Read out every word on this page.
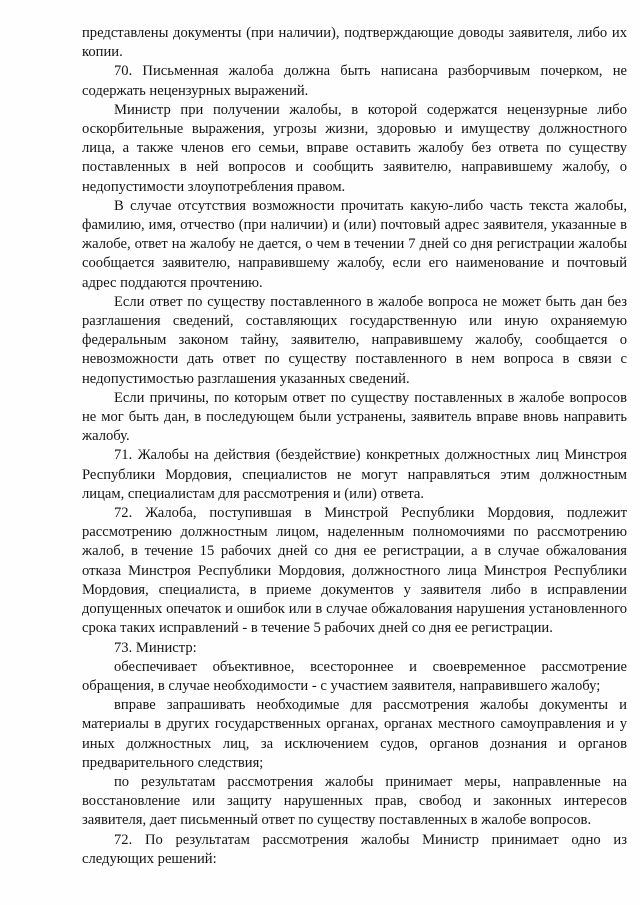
представлены документы (при наличии), подтверждающие доводы заявителя, либо их копии.

70. Письменная жалоба должна быть написана разборчивым почерком, не содержать нецензурных выражений.

Министр при получении жалобы, в которой содержатся нецензурные либо оскорбительные выражения, угрозы жизни, здоровью и имуществу должностного лица, а также членов его семьи, вправе оставить жалобу без ответа по существу поставленных в ней вопросов и сообщить заявителю, направившему жалобу, о недопустимости злоупотребления правом.

В случае отсутствия возможности прочитать какую-либо часть текста жалобы, фамилию, имя, отчество (при наличии) и (или) почтовый адрес заявителя, указанные в жалобе, ответ на жалобу не дается, о чем в течении 7 дней со дня регистрации жалобы сообщается заявителю, направившему жалобу, если его наименование и почтовый адрес поддаются прочтению.

Если ответ по существу поставленного в жалобе вопроса не может быть дан без разглашения сведений, составляющих государственную или иную охраняемую федеральным законом тайну, заявителю, направившему жалобу, сообщается о невозможности дать ответ по существу поставленного в нем вопроса в связи с недопустимостью разглашения указанных сведений.

Если причины, по которым ответ по существу поставленных в жалобе вопросов не мог быть дан, в последующем были устранены, заявитель вправе вновь направить жалобу.

71. Жалобы на действия (бездействие) конкретных должностных лиц Минстроя Республики Мордовия, специалистов не могут направляться этим должностным лицам, специалистам для рассмотрения и (или) ответа.

72. Жалоба, поступившая в Минстрой Республики Мордовия, подлежит рассмотрению должностным лицом, наделенным полномочиями по рассмотрению жалоб, в течение 15 рабочих дней со дня ее регистрации, а в случае обжалования отказа Минстроя Республики Мордовия, должностного лица Минстроя Республики Мордовия, специалиста, в приеме документов у заявителя либо в исправлении допущенных опечаток и ошибок или в случае обжалования нарушения установленного срока таких исправлений - в течение 5 рабочих дней со дня ее регистрации.

73. Министр:

обеспечивает объективное, всестороннее и своевременное рассмотрение обращения, в случае необходимости - с участием заявителя, направившего жалобу;

вправе запрашивать необходимые для рассмотрения жалобы документы и материалы в других государственных органах, органах местного самоуправления и у иных должностных лиц, за исключением судов, органов дознания и органов предварительного следствия;

по результатам рассмотрения жалобы принимает меры, направленные на восстановление или защиту нарушенных прав, свобод и законных интересов заявителя, дает письменный ответ по существу поставленных в жалобе вопросов.

72. По результатам рассмотрения жалобы Министр принимает одно из следующих решений:
